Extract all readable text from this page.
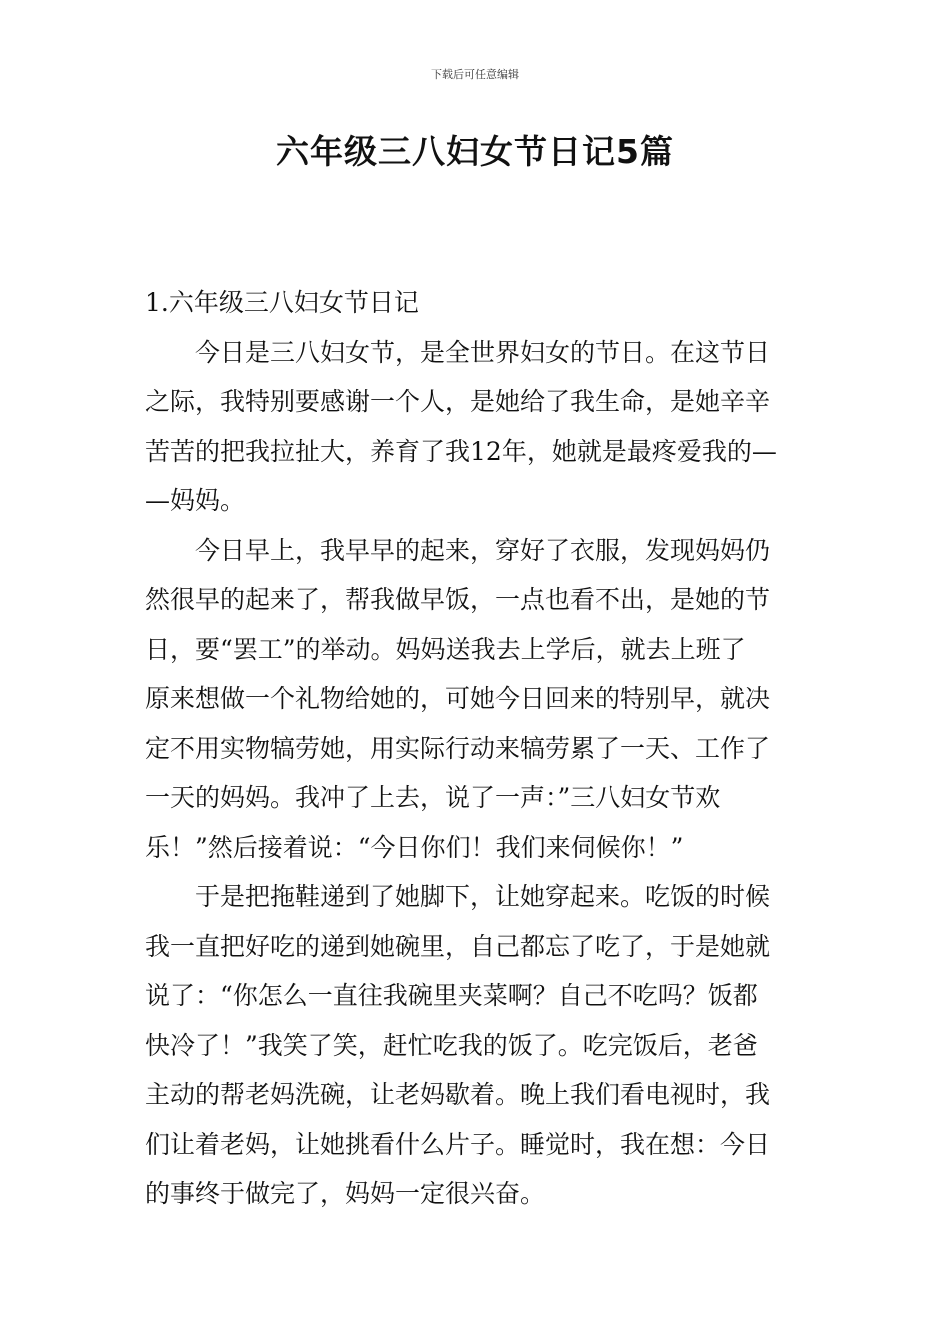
下载后可任意编辑
六年级三八妇女节日记5篇
1.六年级三八妇女节日记
今日是三八妇女节，是全世界妇女的节日。在这节日
之际，我特别要感谢一个人，是她给了我生命，是她辛辛
苦苦的把我拉扯大，养育了我12年，她就是最疼爱我的—
—妈妈。
今日早上，我早早的起来，穿好了衣服，发现妈妈仍
然很早的起来了，帮我做早饭，一点也看不出，是她的节
日，要“罢工”的举动。妈妈送我去上学后，就去上班了
原来想做一个礼物给她的，可她今日回来的特别早，就决
定不用实物犒劳她，用实际行动来犒劳累了一天、工作了
一天的妈妈。我冲了上去，说了一声：”三八妇女节欢
乐！”然后接着说：“今日你们！我们来伺候你！”
于是把拖鞋递到了她脚下，让她穿起来。吃饭的时候
我一直把好吃的递到她碗里，自己都忘了吃了，于是她就
说了：“你怎么一直往我碗里夹菜啊？自己不吃吗？饭都
快冷了！”我笑了笑，赶忙吃我的饭了。吃完饭后，老爸
主动的帮老妈洗碗，让老妈歇着。晚上我们看电视时，我
们让着老妈，让她挑看什么片子。睡觉时，我在想：今日
的事终于做完了，妈妈一定很兴奋。
